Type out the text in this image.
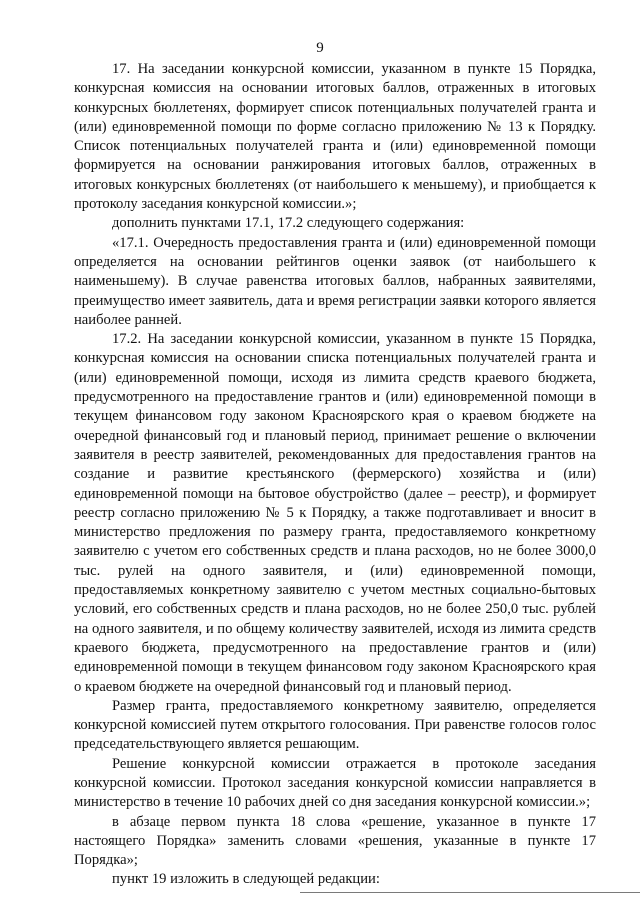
9

17. На заседании конкурсной комиссии, указанном в пункте 15 Порядка, конкурсная комиссия на основании итоговых баллов, отраженных в итоговых конкурсных бюллетенях, формирует список потенциальных получателей гранта и (или) единовременной помощи по форме согласно приложению № 13 к Порядку. Список потенциальных получателей гранта и (или) единовременной помощи формируется на основании ранжирования итоговых баллов, отраженных в итоговых конкурсных бюллетенях (от наибольшего к меньшему), и приобщается к протоколу заседания конкурсной комиссии.»;

дополнить пунктами 17.1, 17.2 следующего содержания:

«17.1. Очередность предоставления гранта и (или) единовременной помощи определяется на основании рейтингов оценки заявок (от наибольшего к наименьшему). В случае равенства итоговых баллов, набранных заявителями, преимущество имеет заявитель, дата и время регистрации заявки которого является наиболее ранней.

17.2. На заседании конкурсной комиссии, указанном в пункте 15 Порядка, конкурсная комиссия на основании списка потенциальных получателей гранта и (или) единовременной помощи, исходя из лимита средств краевого бюджета, предусмотренного на предоставление грантов и (или) единовременной помощи в текущем финансовом году законом Красноярского края о краевом бюджете на очередной финансовый год и плановый период, принимает решение о включении заявителя в реестр заявителей, рекомендованных для предоставления грантов на создание и развитие крестьянского (фермерского) хозяйства и (или) единовременной помощи на бытовое обустройство (далее – реестр), и формирует реестр согласно приложению № 5 к Порядку, а также подготавливает и вносит в министерство предложения по размеру гранта, предоставляемого конкретному заявителю с учетом его собственных средств и плана расходов, но не более 3000,0 тыс. рулей на одного заявителя, и (или) единовременной помощи, предоставляемых конкретному заявителю с учетом местных социально-бытовых условий, его собственных средств и плана расходов, но не более 250,0 тыс. рублей на одного заявителя, и по общему количеству заявителей, исходя из лимита средств краевого бюджета, предусмотренного на предоставление грантов и (или) единовременной помощи в текущем финансовом году законом Красноярского края о краевом бюджете на очередной финансовый год и плановый период.

Размер гранта, предоставляемого конкретному заявителю, определяется конкурсной комиссией путем открытого голосования. При равенстве голосов голос председательствующего является решающим.

Решение конкурсной комиссии отражается в протоколе заседания конкурсной комиссии. Протокол заседания конкурсной комиссии направляется в министерство в течение 10 рабочих дней со дня заседания конкурсной комиссии.»;

в абзаце первом пункта 18 слова «решение, указанное в пункте 17 настоящего Порядка» заменить словами «решения, указанные в пункте 17 Порядка»;

пункт 19 изложить в следующей редакции:
